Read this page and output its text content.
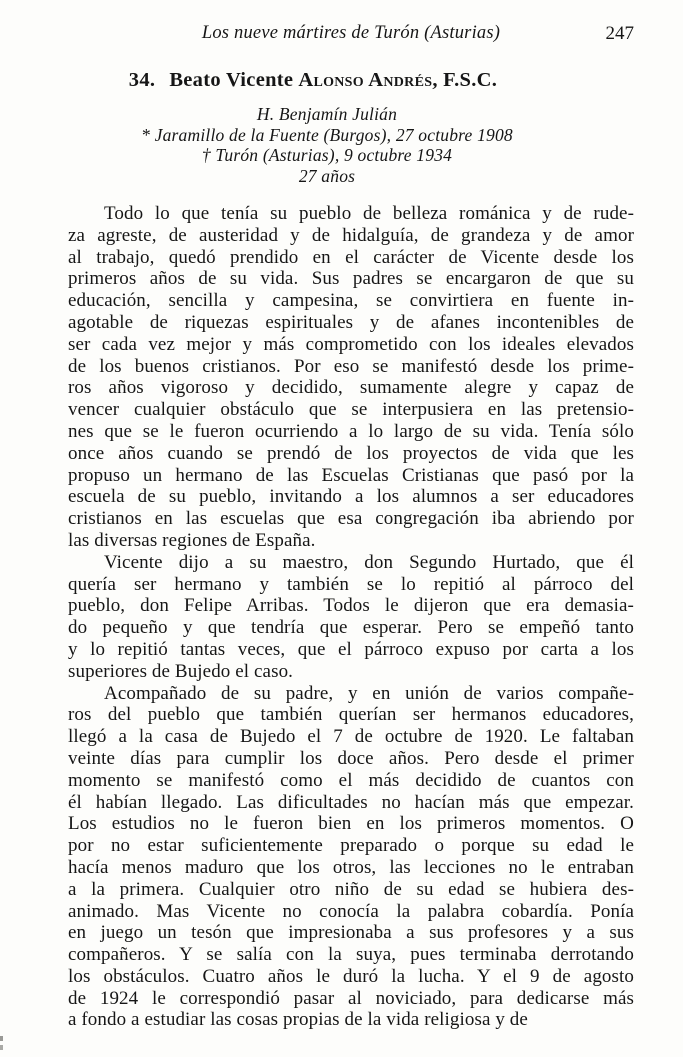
Los nueve mártires de Turón (Asturias)	247
34. Beato Vicente Alonso Andrés, F.S.C.
H. Benjamín Julián
* Jaramillo de la Fuente (Burgos), 27 octubre 1908
† Turón (Asturias), 9 octubre 1934
27 años
Todo lo que tenía su pueblo de belleza románica y de rude-
za agreste, de austeridad y de hidalguía, de grandeza y de amor
al trabajo, quedó prendido en el carácter de Vicente desde los
primeros años de su vida. Sus padres se encargaron de que su
educación, sencilla y campesina, se convirtiera en fuente in-
agotable de riquezas espirituales y de afanes incontenibles de
ser cada vez mejor y más comprometido con los ideales elevados
de los buenos cristianos. Por eso se manifestó desde los prime-
ros años vigoroso y decidido, sumamente alegre y capaz de
vencer cualquier obstáculo que se interpusiera en las pretensio-
nes que se le fueron ocurriendo a lo largo de su vida. Tenía sólo
once años cuando se prendó de los proyectos de vida que les
propuso un hermano de las Escuelas Cristianas que pasó por la
escuela de su pueblo, invitando a los alumnos a ser educadores
cristianos en las escuelas que esa congregación iba abriendo por
las diversas regiones de España.
Vicente dijo a su maestro, don Segundo Hurtado, que él
quería ser hermano y también se lo repitió al párroco del
pueblo, don Felipe Arribas. Todos le dijeron que era demasia-
do pequeño y que tendría que esperar. Pero se empeñó tanto
y lo repitió tantas veces, que el párroco expuso por carta a los
superiores de Bujedo el caso.
Acompañado de su padre, y en unión de varios compañe-
ros del pueblo que también querían ser hermanos educadores,
llegó a la casa de Bujedo el 7 de octubre de 1920. Le faltaban
veinte días para cumplir los doce años. Pero desde el primer
momento se manifestó como el más decidido de cuantos con
él habían llegado. Las dificultades no hacían más que empezar.
Los estudios no le fueron bien en los primeros momentos. O
por no estar suficientemente preparado o porque su edad le
hacía menos maduro que los otros, las lecciones no le entraban
a la primera. Cualquier otro niño de su edad se hubiera des-
animado. Mas Vicente no conocía la palabra cobardía. Ponía
en juego un tesón que impresionaba a sus profesores y a sus
compañeros. Y se salía con la suya, pues terminaba derrotando
los obstáculos. Cuatro años le duró la lucha. Y el 9 de agosto
de 1924 le correspondió pasar al noviciado, para dedicarse más
a fondo a estudiar las cosas propias de la vida religiosa y de
